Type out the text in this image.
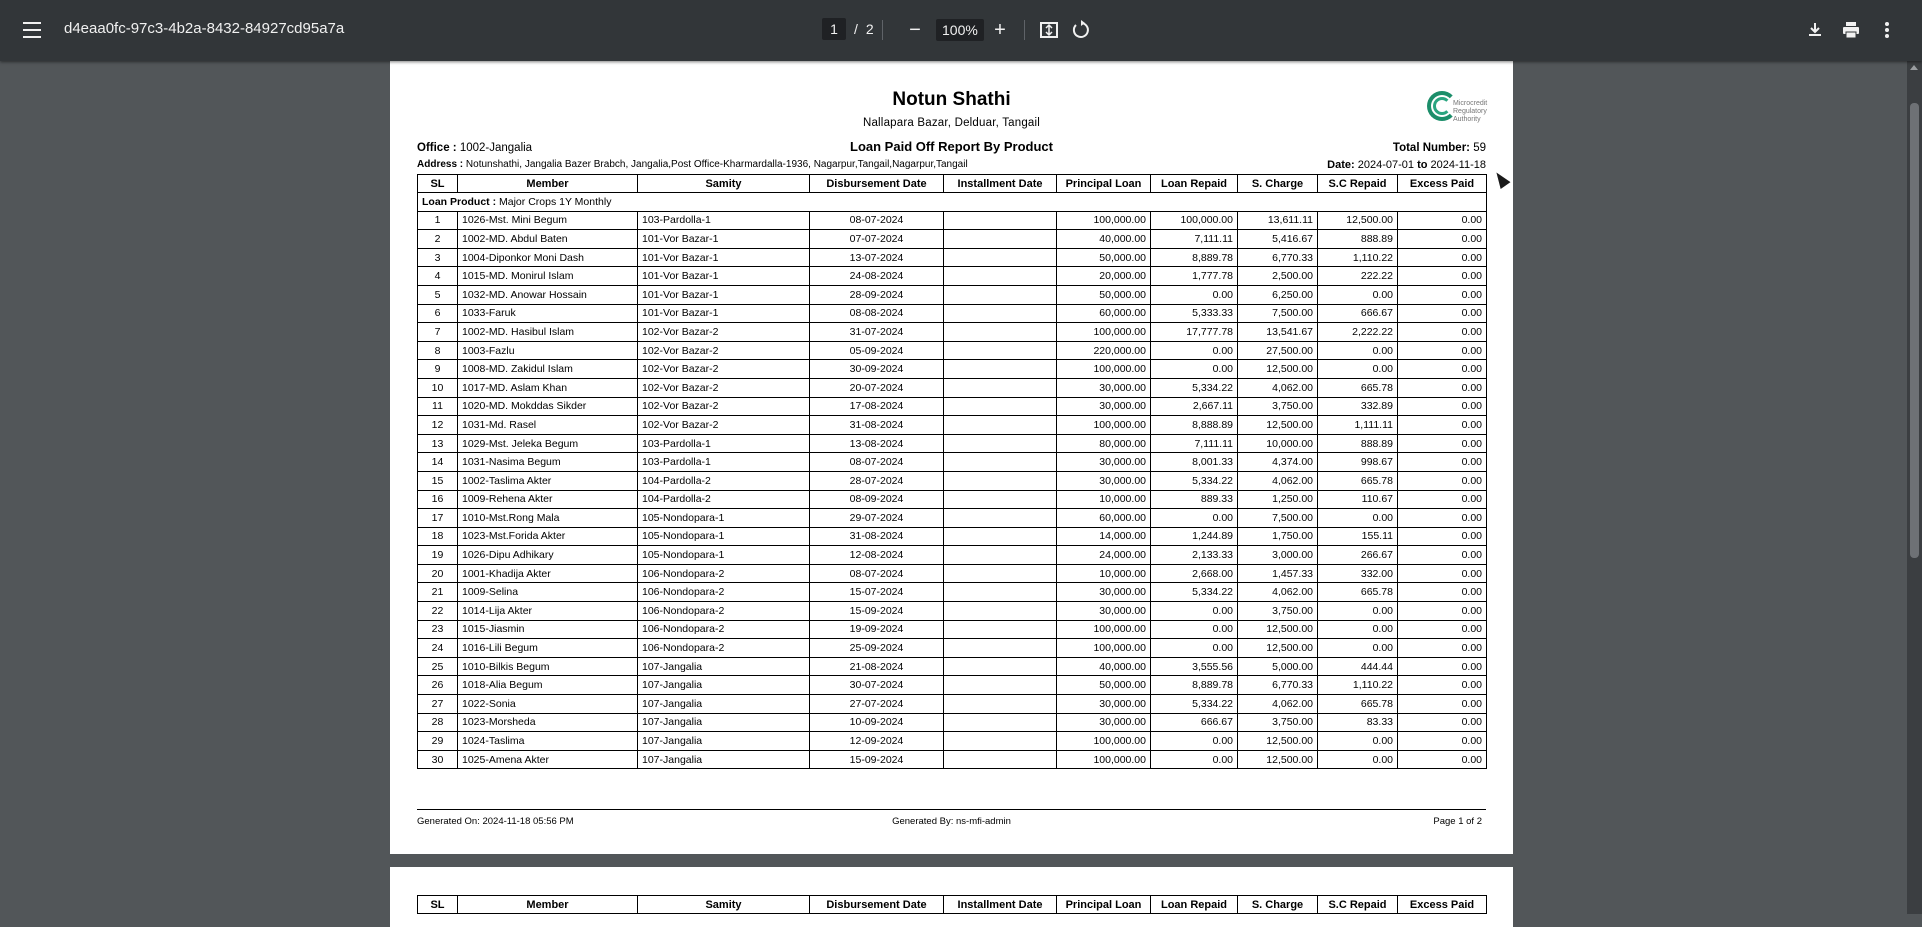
d4eaa0fc-97c3-4b2a-8432-84927cd95a7a	1	/ 2 −	100% +
Microcredit Regulatory Authority
Notun Shathi
Nallapara Bazar, Delduar, Tangail
Office : 1002-Jangalia	Loan Paid Off Report By Product	Total Number: 59
Address : Notunshathi, Jangalia Bazer Brabch, Jangalia,Post Office-Kharmardalla-1936, Nagarpur,Tangail,Nagarpur,Tangail	Date: 2024-07-01 to 2024-11-18
SL	Member	Samity	Disbursement Date	Installment Date	Principal Loan	Loan Repaid	S. Charge	S.C Repaid	Excess Paid
Loan Product : Major Crops 1Y Monthly									
1	1026-Mst. Mini Begum	103-Pardolla-1	08-07-2024		100,000.00	100,000.00	13,611.11	12,500.00	0.00
2	1002-MD. Abdul Baten	101-Vor Bazar-1	07-07-2024		40,000.00	7,111.11	5,416.67	888.89	0.00
3	1004-Diponkor Moni Dash	101-Vor Bazar-1	13-07-2024		50,000.00	8,889.78	6,770.33	1,110.22	0.00
4	1015-MD. Monirul Islam	101-Vor Bazar-1	24-08-2024		20,000.00	1,777.78	2,500.00	222.22	0.00
5	1032-MD. Anowar Hossain	101-Vor Bazar-1	28-09-2024		50,000.00	0.00	6,250.00	0.00	0.00
6	1033-Faruk	101-Vor Bazar-1	08-08-2024		60,000.00	5,333.33	7,500.00	666.67	0.00
7	1002-MD. Hasibul Islam	102-Vor Bazar-2	31-07-2024		100,000.00	17,777.78	13,541.67	2,222.22	0.00
8	1003-Fazlu	102-Vor Bazar-2	05-09-2024		220,000.00	0.00	27,500.00	0.00	0.00
9	1008-MD. Zakidul Islam	102-Vor Bazar-2	30-09-2024		100,000.00	0.00	12,500.00	0.00	0.00
10	1017-MD. Aslam Khan	102-Vor Bazar-2	20-07-2024		30,000.00	5,334.22	4,062.00	665.78	0.00
11	1020-MD. Mokddas Sikder	102-Vor Bazar-2	17-08-2024		30,000.00	2,667.11	3,750.00	332.89	0.00
12	1031-Md. Rasel	102-Vor Bazar-2	31-08-2024		100,000.00	8,888.89	12,500.00	1,111.11	0.00
13	1029-Mst. Jeleka Begum	103-Pardolla-1	13-08-2024		80,000.00	7,111.11	10,000.00	888.89	0.00
14	1031-Nasima Begum	103-Pardolla-1	08-07-2024		30,000.00	8,001.33	4,374.00	998.67	0.00
15	1002-Taslima Akter	104-Pardolla-2	28-07-2024		30,000.00	5,334.22	4,062.00	665.78	0.00
16	1009-Rehena Akter	104-Pardolla-2	08-09-2024		10,000.00	889.33	1,250.00	110.67	0.00
17	1010-Mst.Rong Mala	105-Nondopara-1	29-07-2024		60,000.00	0.00	7,500.00	0.00	0.00
18	1023-Mst.Forida Akter	105-Nondopara-1	31-08-2024		14,000.00	1,244.89	1,750.00	155.11	0.00
19	1026-Dipu Adhikary	105-Nondopara-1	12-08-2024		24,000.00	2,133.33	3,000.00	266.67	0.00
20	1001-Khadija Akter	106-Nondopara-2	08-07-2024		10,000.00	2,668.00	1,457.33	332.00	0.00
21	1009-Selina	106-Nondopara-2	15-07-2024		30,000.00	5,334.22	4,062.00	665.78	0.00
22	1014-Lija Akter	106-Nondopara-2	15-09-2024		30,000.00	0.00	3,750.00	0.00	0.00
23	1015-Jiasmin	106-Nondopara-2	19-09-2024		100,000.00	0.00	12,500.00	0.00	0.00
24	1016-Lili Begum	106-Nondopara-2	25-09-2024		100,000.00	0.00	12,500.00	0.00	0.00
25	1010-Bilkis Begum	107-Jangalia	21-08-2024		40,000.00	3,555.56	5,000.00	444.44	0.00
26	1018-Alia Begum	107-Jangalia	30-07-2024		50,000.00	8,889.78	6,770.33	1,110.22	0.00
27	1022-Sonia	107-Jangalia	27-07-2024		30,000.00	5,334.22	4,062.00	665.78	0.00
28	1023-Morsheda	107-Jangalia	10-09-2024		30,000.00	666.67	3,750.00	83.33	0.00
29	1024-Taslima	107-Jangalia	12-09-2024		100,000.00	0.00	12,500.00	0.00	0.00
30	1025-Amena Akter	107-Jangalia	15-09-2024		100,000.00	0.00	12,500.00	0.00	0.00
Generated On: 2024-11-18 05:56 PM	Generated By: ns-mfi-admin	Page 1 of 2
SL	Member	Samity	Disbursement Date	Installment Date	Principal Loan	Loan Repaid	S. Charge	S.C Repaid	Excess Paid
